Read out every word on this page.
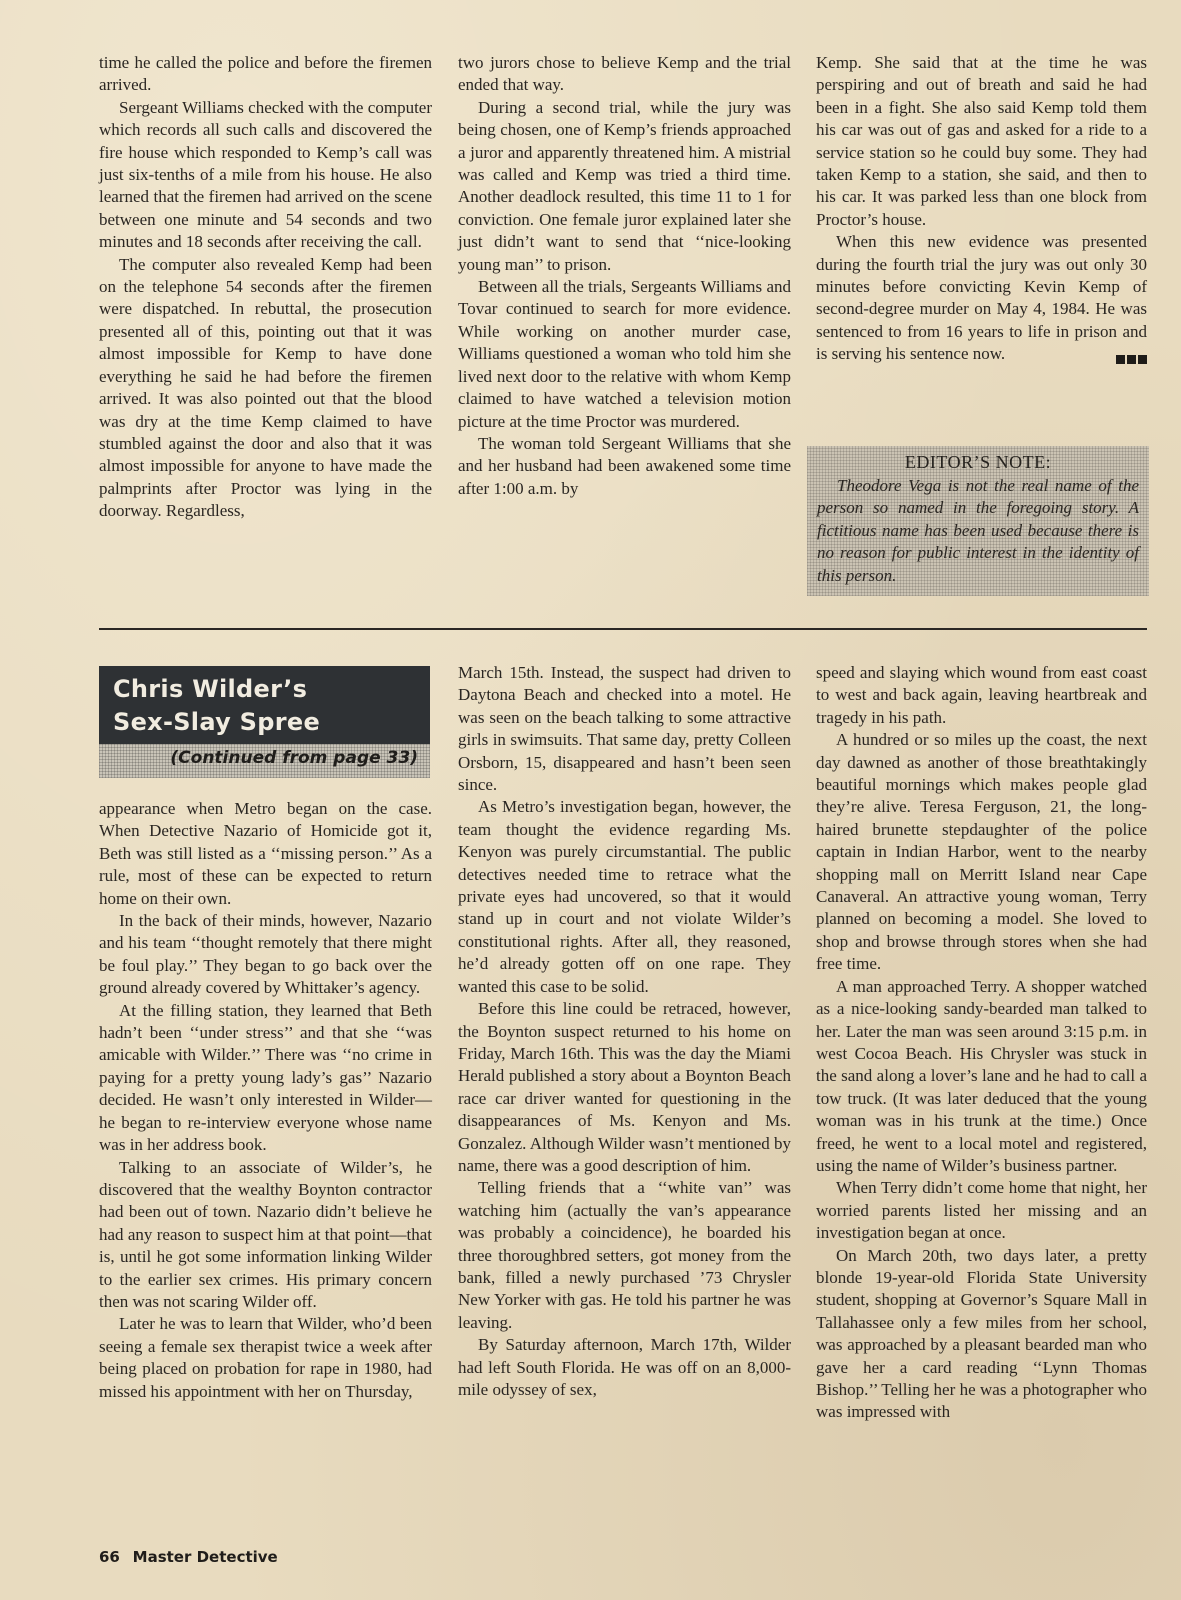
time he called the police and before the firemen arrived.

Sergeant Williams checked with the computer which records all such calls and discovered the fire house which responded to Kemp’s call was just six-tenths of a mile from his house. He also learned that the firemen had arrived on the scene between one minute and 54 seconds and two minutes and 18 seconds after receiving the call.

The computer also revealed Kemp had been on the telephone 54 seconds after the firemen were dispatched. In rebuttal, the prosecution presented all of this, pointing out that it was almost impossible for Kemp to have done everything he said he had before the firemen arrived. It was also pointed out that the blood was dry at the time Kemp claimed to have stumbled against the door and also that it was almost impossible for anyone to have made the palmprints after Proctor was lying in the doorway. Regardless,

two jurors chose to believe Kemp and the trial ended that way.

During a second trial, while the jury was being chosen, one of Kemp’s friends approached a juror and apparently threatened him. A mistrial was called and Kemp was tried a third time. Another deadlock resulted, this time 11 to 1 for conviction. One female juror explained later she just didn’t want to send that ‘‘nice-looking young man’’ to prison.

Between all the trials, Sergeants Williams and Tovar continued to search for more evidence. While working on another murder case, Williams questioned a woman who told him she lived next door to the relative with whom Kemp claimed to have watched a television motion picture at the time Proctor was murdered.

The woman told Sergeant Williams that she and her husband had been awakened some time after 1:00 a.m. by

Kemp. She said that at the time he was perspiring and out of breath and said he had been in a fight. She also said Kemp told them his car was out of gas and asked for a ride to a service station so he could buy some. They had taken Kemp to a station, she said, and then to his car. It was parked less than one block from Proctor’s house.

When this new evidence was presented during the fourth trial the jury was out only 30 minutes before convicting Kevin Kemp of second-degree murder on May 4, 1984. He was sentenced to from 16 years to life in prison and is serving his sentence now.

EDITOR’S NOTE:

Theodore Vega is not the real name of the person so named in the foregoing story. A fictitious name has been used because there is no reason for public interest in the identity of this person.

Chris Wilder’s
Sex-Slay Spree
(Continued from page 33)

appearance when Metro began on the case. When Detective Nazario of Homicide got it, Beth was still listed as a ‘‘missing person.’’ As a rule, most of these can be expected to return home on their own.

In the back of their minds, however, Nazario and his team ‘‘thought remotely that there might be foul play.’’ They began to go back over the ground already covered by Whittaker’s agency.

At the filling station, they learned that Beth hadn’t been ‘‘under stress’’ and that she ‘‘was amicable with Wilder.’’ There was ‘‘no crime in paying for a pretty young lady’s gas’’ Nazario decided. He wasn’t only interested in Wilder—he began to re-interview everyone whose name was in her address book.

Talking to an associate of Wilder’s, he discovered that the wealthy Boynton contractor had been out of town. Nazario didn’t believe he had any reason to suspect him at that point—that is, until he got some information linking Wilder to the earlier sex crimes. His primary concern then was not scaring Wilder off.

Later he was to learn that Wilder, who’d been seeing a female sex therapist twice a week after being placed on probation for rape in 1980, had missed his appointment with her on Thursday,

March 15th. Instead, the suspect had driven to Daytona Beach and checked into a motel. He was seen on the beach talking to some attractive girls in swimsuits. That same day, pretty Colleen Orsborn, 15, disappeared and hasn’t been seen since.

As Metro’s investigation began, however, the team thought the evidence regarding Ms. Kenyon was purely circumstantial. The public detectives needed time to retrace what the private eyes had uncovered, so that it would stand up in court and not violate Wilder’s constitutional rights. After all, they reasoned, he’d already gotten off on one rape. They wanted this case to be solid.

Before this line could be retraced, however, the Boynton suspect returned to his home on Friday, March 16th. This was the day the Miami Herald published a story about a Boynton Beach race car driver wanted for questioning in the disappearances of Ms. Kenyon and Ms. Gonzalez. Although Wilder wasn’t mentioned by name, there was a good description of him.

Telling friends that a ‘‘white van’’ was watching him (actually the van’s appearance was probably a coincidence), he boarded his three thoroughbred setters, got money from the bank, filled a newly purchased ’73 Chrysler New Yorker with gas. He told his partner he was leaving.

By Saturday afternoon, March 17th, Wilder had left South Florida. He was off on an 8,000-mile odyssey of sex,

speed and slaying which wound from east coast to west and back again, leaving heartbreak and tragedy in his path.

A hundred or so miles up the coast, the next day dawned as another of those breathtakingly beautiful mornings which makes people glad they’re alive. Teresa Ferguson, 21, the long-haired brunette stepdaughter of the police captain in Indian Harbor, went to the nearby shopping mall on Merritt Island near Cape Canaveral. An attractive young woman, Terry planned on becoming a model. She loved to shop and browse through stores when she had free time.

A man approached Terry. A shopper watched as a nice-looking sandy-bearded man talked to her. Later the man was seen around 3:15 p.m. in west Cocoa Beach. His Chrysler was stuck in the sand along a lover’s lane and he had to call a tow truck. (It was later deduced that the young woman was in his trunk at the time.) Once freed, he went to a local motel and registered, using the name of Wilder’s business partner.

When Terry didn’t come home that night, her worried parents listed her missing and an investigation began at once.

On March 20th, two days later, a pretty blonde 19-year-old Florida State University student, shopping at Governor’s Square Mall in Tallahassee only a few miles from her school, was approached by a pleasant bearded man who gave her a card reading ‘‘Lynn Thomas Bishop.’’ Telling her he was a photographer who was impressed with

66 Master Detective
